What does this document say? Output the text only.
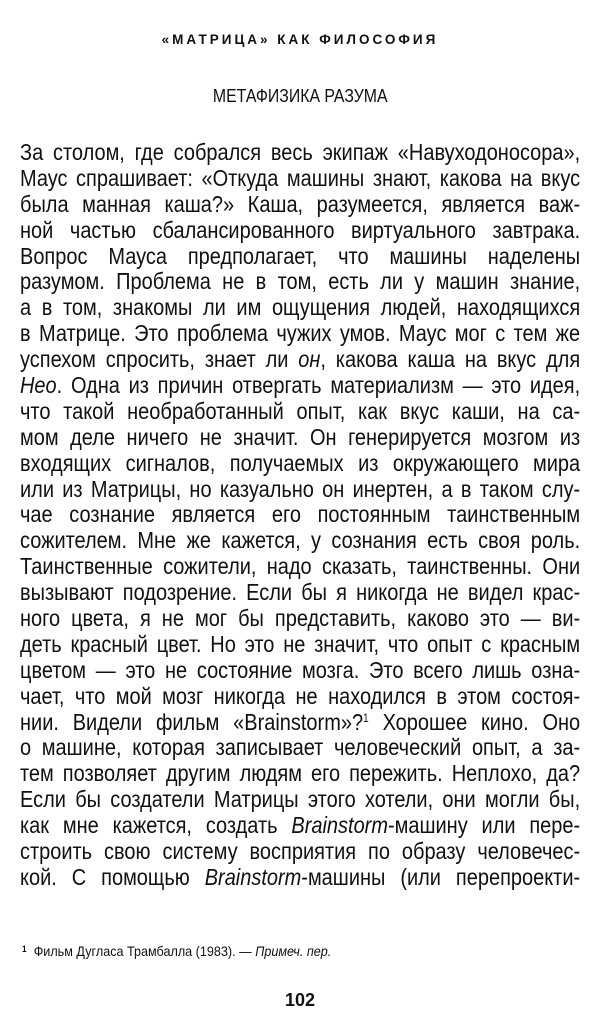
«МАТРИЦА» КАК ФИЛОСОФИЯ
МЕТАФИЗИКА РАЗУМА
За столом, где собрался весь экипаж «Навуходоносора»,
Маус спрашивает: «Откуда машины знают, какова на вкус
была манная каша?» Каша, разумеется, является важ-
ной частью сбалансированного виртуального завтрака.
Вопрос Мауса предполагает, что машины наделены
разумом. Проблема не в том, есть ли у машин знание,
а в том, знакомы ли им ощущения людей, находящихся
в Матрице. Это проблема чужих умов. Маус мог с тем же
успехом спросить, знает ли он, какова каша на вкус для
Нео. Одна из причин отвергать материализм — это идея,
что такой необработанный опыт, как вкус каши, на са-
мом деле ничего не значит. Он генерируется мозгом из
входящих сигналов, получаемых из окружающего мира
или из Матрицы, но казуально он инертен, а в таком слу-
чае сознание является его постоянным таинственным
сожителем. Мне же кажется, у сознания есть своя роль.
Таинственные сожители, надо сказать, таинственны. Они
вызывают подозрение. Если бы я никогда не видел крас-
ного цвета, я не мог бы представить, каково это — ви-
деть красный цвет. Но это не значит, что опыт с красным
цветом — это не состояние мозга. Это всего лишь озна-
чает, что мой мозг никогда не находился в этом состоя-
нии. Видели фильм «Brainstorm»?$^1$ Хорошее кино. Оно
о машине, которая записывает человеческий опыт, а за-
тем позволяет другим людям его пережить. Неплохо, да?
Если бы создатели Матрицы этого хотели, они могли бы,
как мне кажется, создать Brainstorm-машину или пере-
строить свою систему восприятия по образу человечес-
кой. С помощью Brainstorm-машины (или перепроекти-
$^1$ Фильм Дугласа Трамбалла (1983). — Примеч. пер.
102
